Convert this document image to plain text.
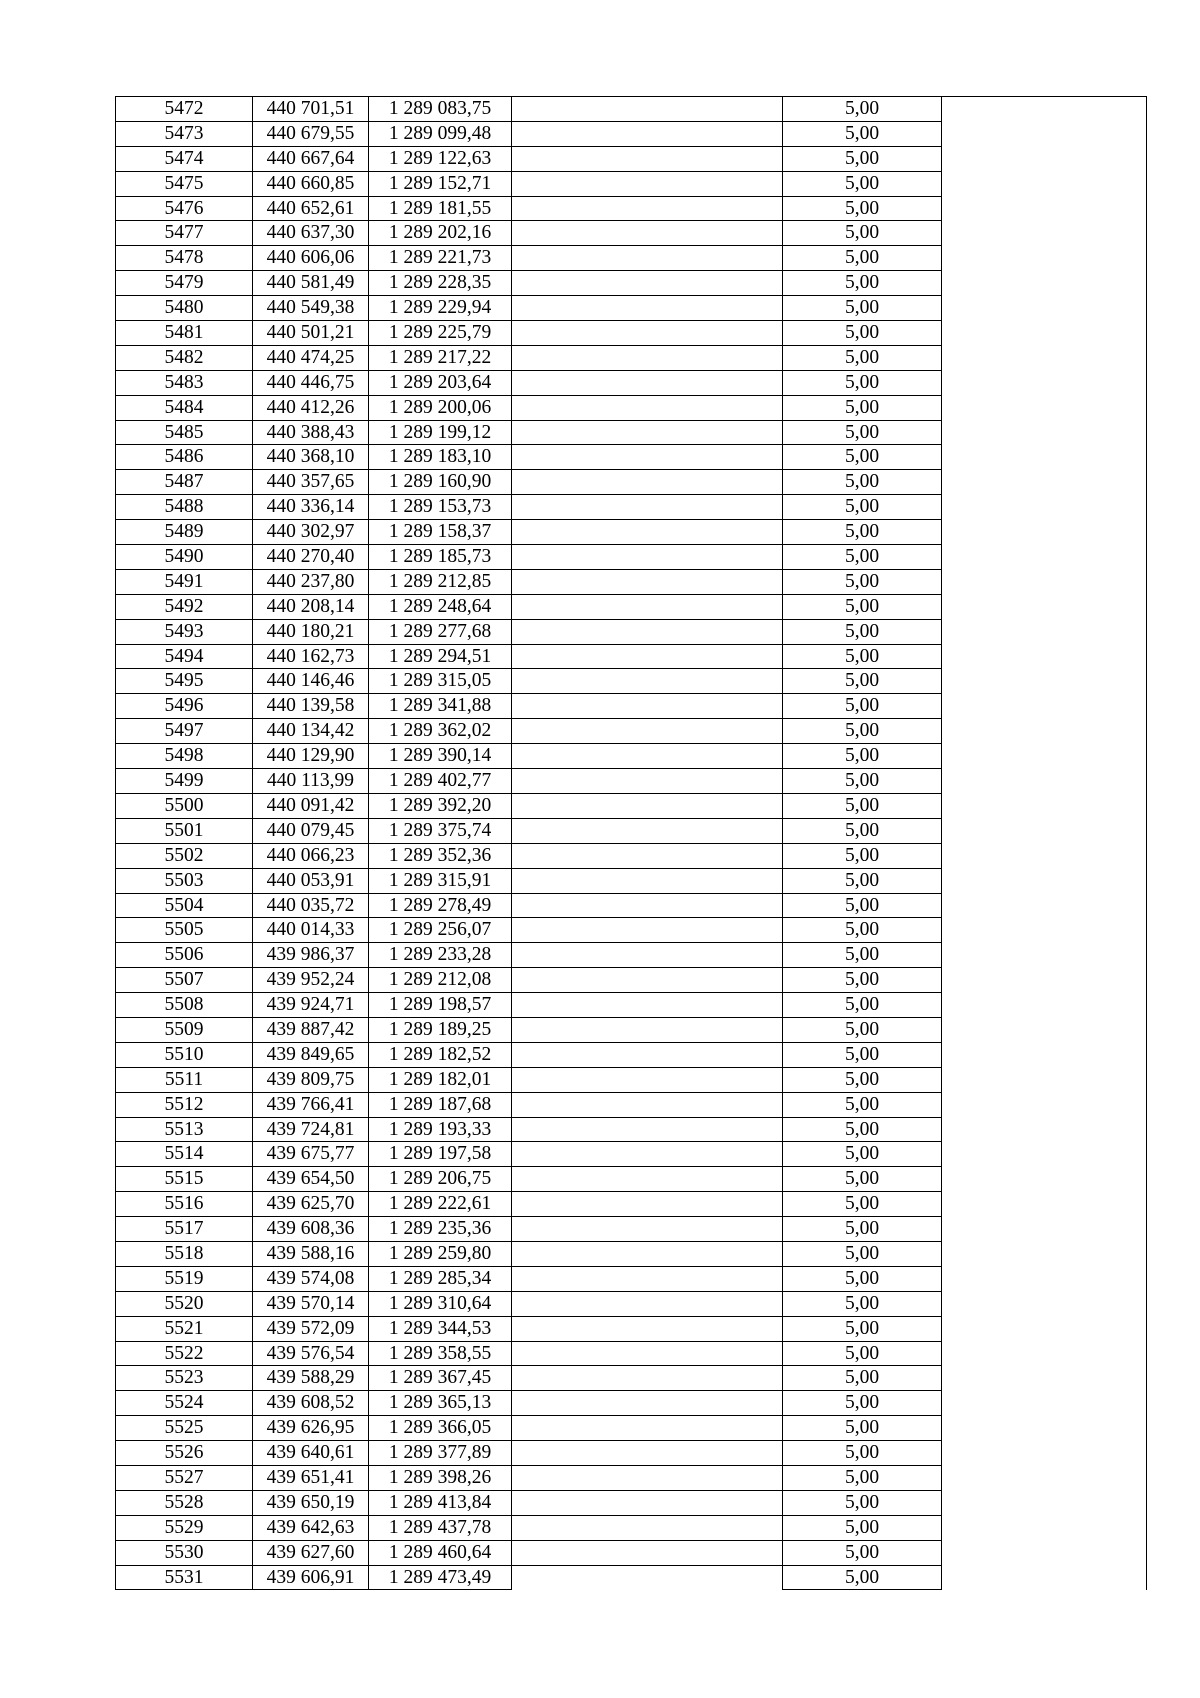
5472	440 701,51	1 289 083,75	5,00
5473	440 679,55	1 289 099,48	5,00
5474	440 667,64	1 289 122,63	5,00
5475	440 660,85	1 289 152,71	5,00
5476	440 652,61	1 289 181,55	5,00
5477	440 637,30	1 289 202,16	5,00
5478	440 606,06	1 289 221,73	5,00
5479	440 581,49	1 289 228,35	5,00
5480	440 549,38	1 289 229,94	5,00
5481	440 501,21	1 289 225,79	5,00
5482	440 474,25	1 289 217,22	5,00
5483	440 446,75	1 289 203,64	5,00
5484	440 412,26	1 289 200,06	5,00
5485	440 388,43	1 289 199,12	5,00
5486	440 368,10	1 289 183,10	5,00
5487	440 357,65	1 289 160,90	5,00
5488	440 336,14	1 289 153,73	5,00
5489	440 302,97	1 289 158,37	5,00
5490	440 270,40	1 289 185,73	5,00
5491	440 237,80	1 289 212,85	5,00
5492	440 208,14	1 289 248,64	5,00
5493	440 180,21	1 289 277,68	5,00
5494	440 162,73	1 289 294,51	5,00
5495	440 146,46	1 289 315,05	5,00
5496	440 139,58	1 289 341,88	5,00
5497	440 134,42	1 289 362,02	5,00
5498	440 129,90	1 289 390,14	5,00
5499	440 113,99	1 289 402,77	5,00
5500	440 091,42	1 289 392,20	5,00
5501	440 079,45	1 289 375,74	5,00
5502	440 066,23	1 289 352,36	5,00
5503	440 053,91	1 289 315,91	5,00
5504	440 035,72	1 289 278,49	5,00
5505	440 014,33	1 289 256,07	5,00
5506	439 986,37	1 289 233,28	5,00
5507	439 952,24	1 289 212,08	5,00
5508	439 924,71	1 289 198,57	5,00
5509	439 887,42	1 289 189,25	5,00
5510	439 849,65	1 289 182,52	5,00
5511	439 809,75	1 289 182,01	5,00
5512	439 766,41	1 289 187,68	5,00
5513	439 724,81	1 289 193,33	5,00
5514	439 675,77	1 289 197,58	5,00
5515	439 654,50	1 289 206,75	5,00
5516	439 625,70	1 289 222,61	5,00
5517	439 608,36	1 289 235,36	5,00
5518	439 588,16	1 289 259,80	5,00
5519	439 574,08	1 289 285,34	5,00
5520	439 570,14	1 289 310,64	5,00
5521	439 572,09	1 289 344,53	5,00
5522	439 576,54	1 289 358,55	5,00
5523	439 588,29	1 289 367,45	5,00
5524	439 608,52	1 289 365,13	5,00
5525	439 626,95	1 289 366,05	5,00
5526	439 640,61	1 289 377,89	5,00
5527	439 651,41	1 289 398,26	5,00
5528	439 650,19	1 289 413,84	5,00
5529	439 642,63	1 289 437,78	5,00
5530	439 627,60	1 289 460,64	5,00
5531	439 606,91	1 289 473,49	5,00
